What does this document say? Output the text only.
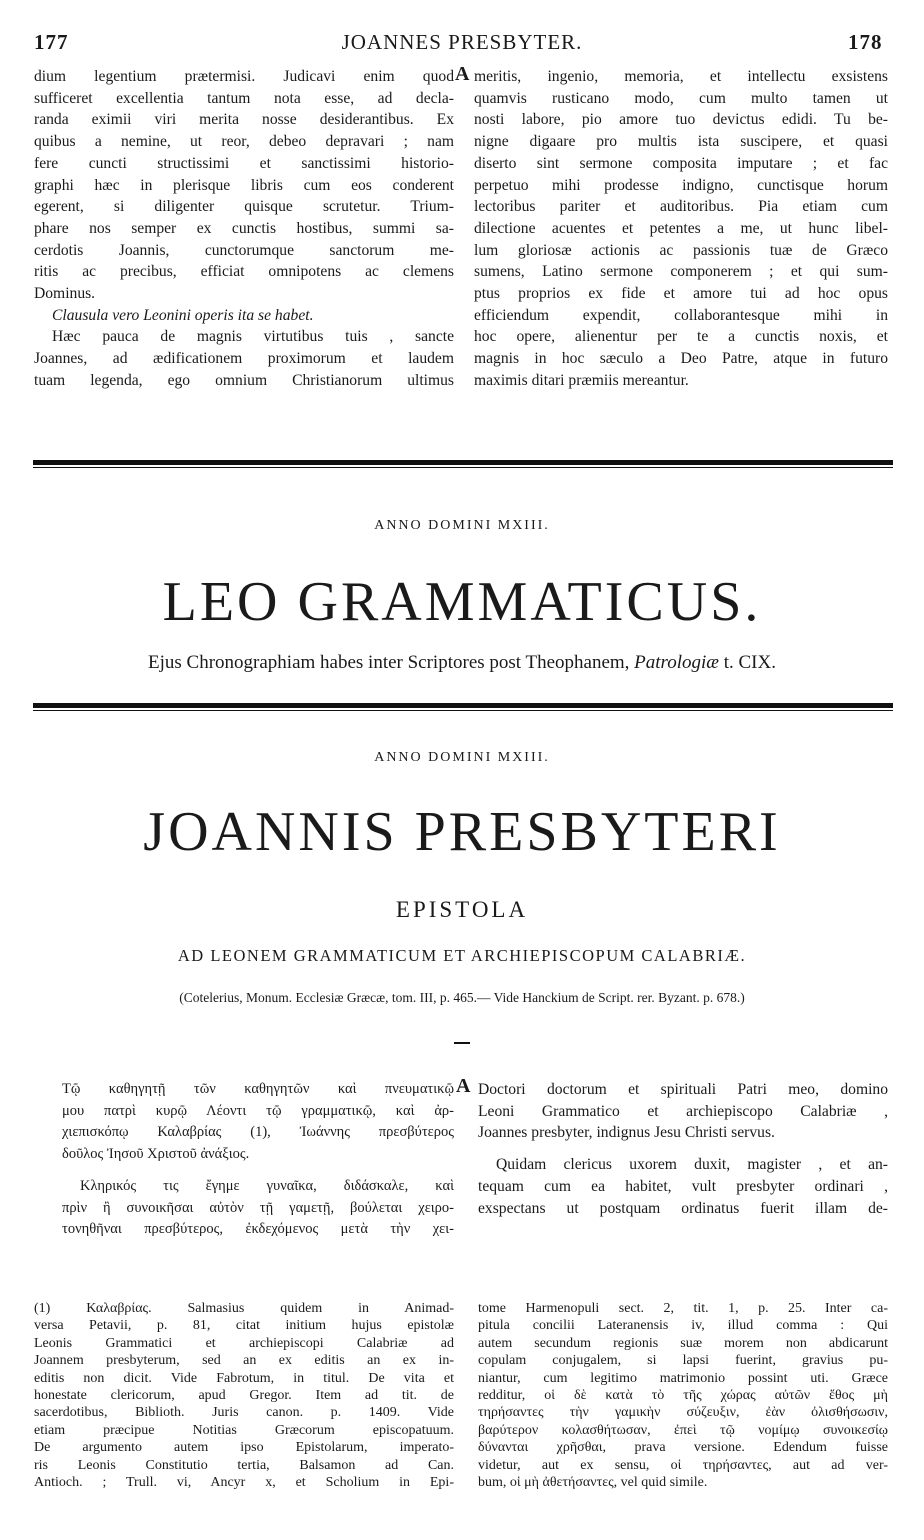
177	JOANNES PRESBYTER.	178
dium legentium prætermisi. Judicavi enim quod
sufficeret excellentia tantum nota esse, ad decla-
randa eximii viri merita nosse desiderantibus. Ex
quibus a nemine, ut reor, debeo depravari ; nam
fere cuncti structissimi et sanctissimi historio-
graphi hæc in plerisque libris cum eos conderent
egerent, si diligenter quisque scrutetur. Trium-
phare nos semper ex cunctis hostibus, summi sa-
cerdotis Joannis, cunctorumque sanctorum me-
ritis ac precibus, efficiat omnipotens ac clemens
Dominus.
Clausula vero Leonini operis ita se habet.
Hæc pauca de magnis virtutibus tuis , sancte
Joannes, ad ædificationem proximorum et laudem
tuam legenda, ego omnium Christianorum ultimus
A meritis, ingenio, memoria, et intellectu exsistens
quamvis rusticano modo, cum multo tamen ut
nosti labore, pio amore tuo devictus edidi. Tu be-
nigne digaare pro multis ista suscipere, et quasi
diserto sint sermone composita imputare ; et fac
perpetuo mihi prodesse indigno, cunctisque horum
lectoribus pariter et auditoribus. Pia etiam cum
dilectione acuentes et petentes a me, ut hunc libel-
lum gloriosæ actionis ac passionis tuæ de Græco
sumens, Latino sermone componerem ; et qui sum-
ptus proprios ex fide et amore tui ad hoc opus
efficiendum expendit, collaborantesque mihi in
hoc opere, alienentur per te a cunctis noxis, et
magnis in hoc sæculo a Deo Patre, atque in futuro
maximis ditari præmiis mereantur.
ANNO DOMINI MXIII.
LEO GRAMMATICUS.
Ejus Chronographiam habes inter Scriptores post Theophanem, Patrologiæ t. CIX.
ANNO DOMINI MXIII.
JOANNIS PRESBYTERI
EPISTOLA
AD LEONEM GRAMMATICUM ET ARCHIEPISCOPUM CALABRIÆ.
(Cotelerius, Monum. Ecclesiæ Græcæ, tom. III, p. 465.— Vide Hanckium de Script. rer. Byzant. p. 678.)
Τῷ καθηγητῇ τῶν καθηγητῶν καὶ πνευματικῷ
μου πατρὶ κυρῷ Λέοντι τῷ γραμματικῷ, καὶ ἀρ-
χιεπισκόπῳ Καλαβρίας (1), Ἰωάννης πρεσβύτερος
δοῦλος Ἰησοῦ Χριστοῦ ἀνάξιος.
Κληρικός τις ἔγημε γυναῖκα, διδάσκαλε, καὶ
πρὶν ἢ συνοικῆσαι αὐτὸν τῇ γαμετῇ, βούλεται χειρο-
τονηθῆναι πρεσβύτερος, ἐκδεχόμενος μετὰ τὴν χει-
A Doctori doctorum et spirituali Patri meo, domino
Leoni Grammatico et archiepiscopo Calabriæ ,
Joannes presbyter, indignus Jesu Christi servus.
Quidam clericus uxorem duxit, magister , et an-
tequam cum ea habitet, vult presbyter ordinari ,
exspectans ut postquam ordinatus fuerit illam de-
(1) Καλαβρίας. Salmasius quidem in Animad-
versa Petavii, p. 81, citat initium hujus epistolæ
Leonis Grammatici et archiepiscopi Calabriæ ad
Joannem presbyterum, sed an ex editis an ex in-
editis non dicit. Vide Fabrotum, in titul. De vita et
honestate clericorum, apud Gregor. Item ad tit. de
sacerdotibus, Biblioth. Juris canon. p. 1409. Vide
etiam præcipue Notitias Græcorum episcopatuum.
De argumento autem ipso Epistolarum, imperato-
ris Leonis Constitutio tertia, Balsamon ad Can.
Antioch. ; Trull. vi, Ancyr x, et Scholium in Epi-
tome Harmenopuli sect. 2, tit. 1, p. 25. Inter ca-
pitula concilii Lateranensis iv, illud comma : Qui
autem secundum regionis suæ morem non abdicarunt
copulam conjugalem, si lapsi fuerint, gravius pu-
niantur, cum legitimo matrimonio possint uti. Græce
redditur, οἱ δὲ κατὰ τὸ τῆς χώρας αὐτῶν ἔθος μὴ
τηρήσαντες τὴν γαμικὴν σύζευξιν, ἐὰν ὀλισθήσωσιν,
βαρύτερον κολασθήτωσαν, ἐπεὶ τῷ νομίμῳ συνοικεσίῳ
δύνανται χρῆσθαι, prava versione. Edendum fuisse
videtur, aut ex sensu, οἱ τηρήσαντες, aut ad ver-
bum, οἱ μὴ ἀθετήσαντες, vel quid simile.
